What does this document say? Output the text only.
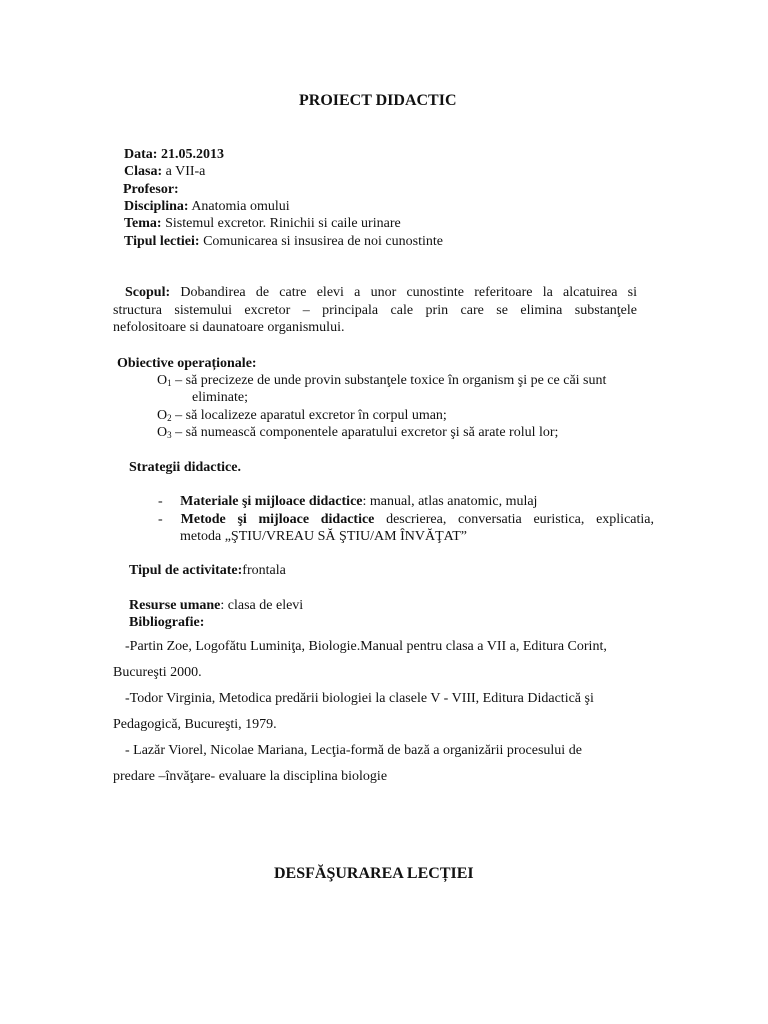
PROIECT DIDACTIC
Data: 21.05.2013
Clasa: a VII-a
Profesor:
Disciplina: Anatomia omului
Tema: Sistemul excretor. Rinichii si caile urinare
Tipul lectiei: Comunicarea si insusirea de noi cunostinte
Scopul: Dobandirea de catre elevi a unor cunostinte referitoare la alcatuirea si
structura sistemului excretor – principala cale prin care se elimina substanţele
nefolositoare si daunatoare organismului.
Obiective operaționale:
$O_1$ – să precizeze de unde provin substanţele toxice în organism şi pe ce căi sunt
eliminate;
$O_2$ – să localizeze aparatul excretor în corpul uman;
$O_3$ – să numească componentele aparatului excretor şi să arate rolul lor;
Strategii didactice.
- Materiale şi mijloace didactice: manual, atlas anatomic, mulaj
- Metode şi mijloace didactice descrierea, conversatia euristica, explicatia,
metoda „ŞTIU/VREAU SĂ ŞTIU/AM ÎNVĂŢAT”
Tipul de activitate:frontala
Resurse umane: clasa de elevi
Bibliografie:
-Partin Zoe, Logofătu Luminiţa, Biologie.Manual pentru clasa a VII a, Editura Corint,
Bucureşti 2000.
-Todor Virginia, Metodica predării biologiei la clasele V - VIII, Editura Didactică şi
Pedagogică, Bucureşti, 1979.
- Lazăr Viorel, Nicolae Mariana, Lecţia-formă de bază a organizării procesului de
predare –învăţare- evaluare la disciplina biologie
DESFĂŞURAREA LECȚIEI
